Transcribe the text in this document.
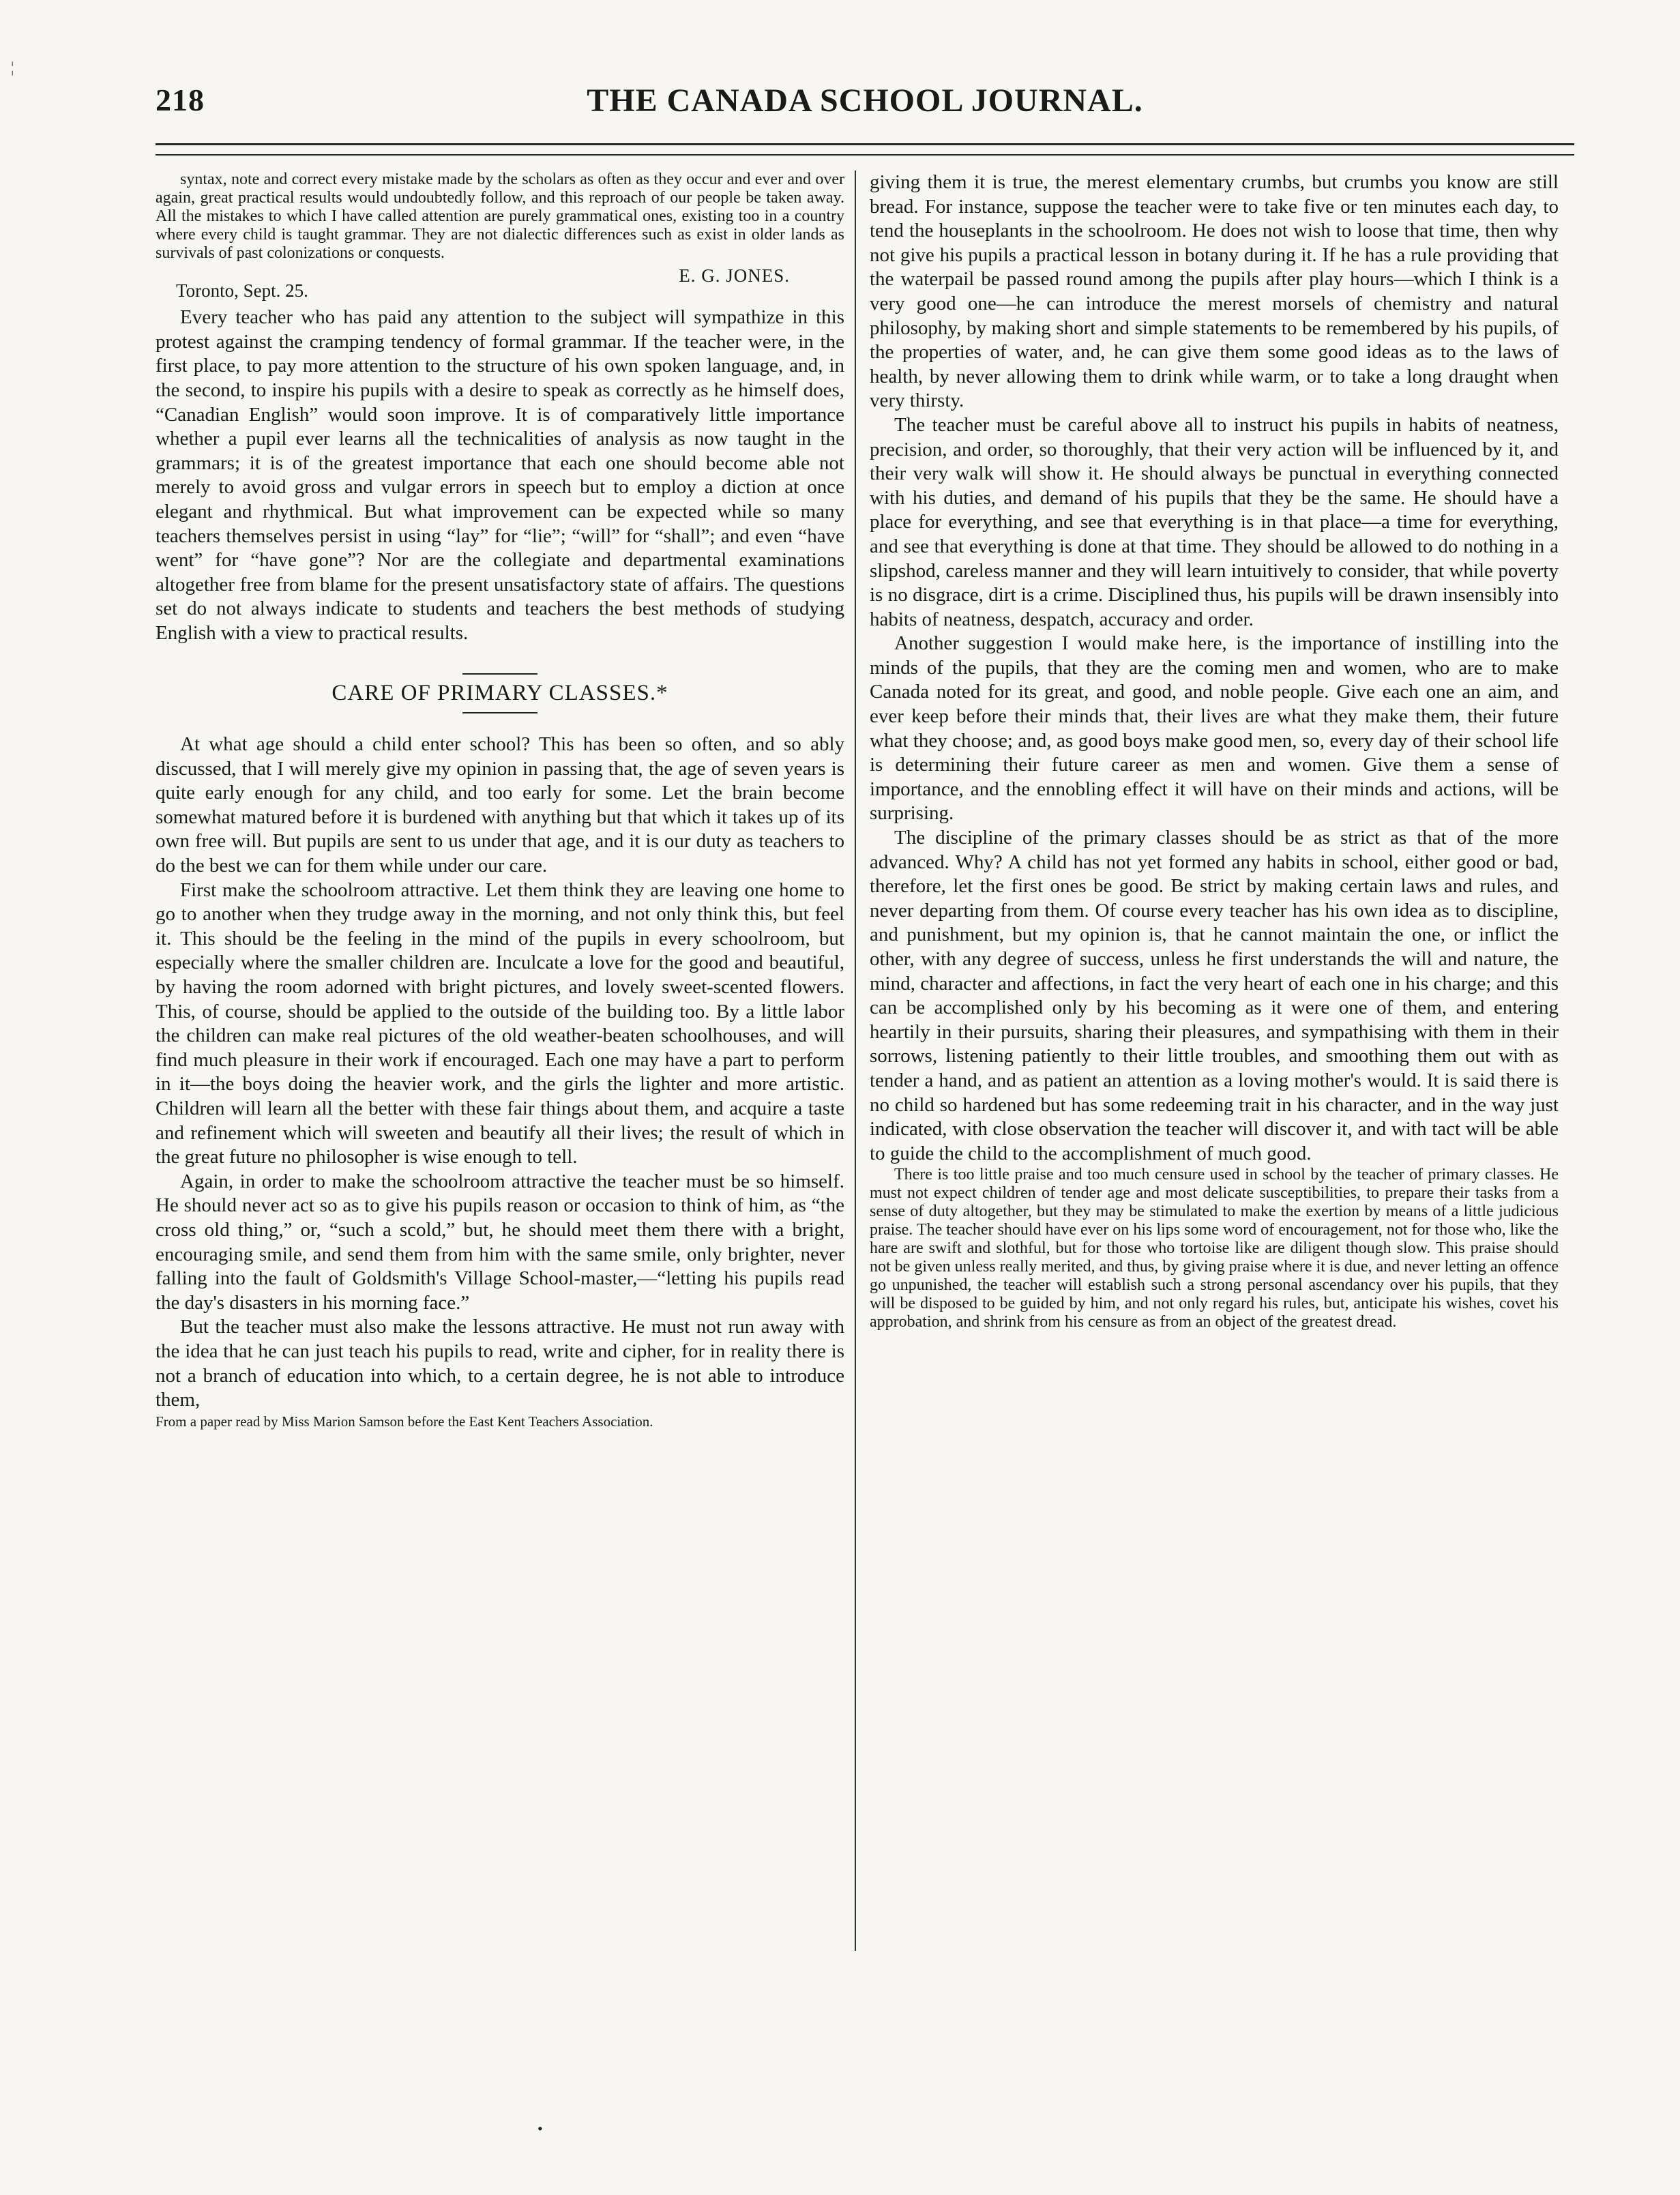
¦
THE CANADA SCHOOL JOURNAL.
218

syntax, note and correct every mistake made by the scholars as often as they occur and ever and over again, great practical results would undoubtedly follow, and this reproach of our people be taken away. All the mistakes to which I have called attention are purely grammatical ones, existing too in a country where every child is taught grammar. They are not dialectic differences such as exist in older lands as survivals of past colonizations or conquests.

E. G. JONES.
Toronto, Sept. 25.

Every teacher who has paid any attention to the subject will sympathize in this protest against the cramping tendency of formal grammar. If the teacher were, in the first place, to pay more attention to the structure of his own spoken language, and, in the second, to inspire his pupils with a desire to speak as correctly as he himself does, “Canadian English” would soon improve. It is of comparatively little importance whether a pupil ever learns all the technicalities of analysis as now taught in the grammars; it is of the greatest importance that each one should become able not merely to avoid gross and vulgar errors in speech but to employ a diction at once elegant and rhythmical. But what improvement can be expected while so many teachers themselves persist in using “lay” for “lie”; “will” for “shall”; and even “have went” for “have gone”? Nor are the collegiate and departmental examinations altogether free from blame for the present unsatisfactory state of affairs. The questions set do not always indicate to students and teachers the best methods of studying English with a view to practical results.

CARE OF PRIMARY CLASSES.*

At what age should a child enter school? This has been so often, and so ably discussed, that I will merely give my opinion in passing that, the age of seven years is quite early enough for any child, and too early for some. Let the brain become somewhat matured before it is burdened with anything but that which it takes up of its own free will. But pupils are sent to us under that age, and it is our duty as teachers to do the best we can for them while under our care.

First make the schoolroom attractive. Let them think they are leaving one home to go to another when they trudge away in the morning, and not only think this, but feel it. This should be the feeling in the mind of the pupils in every schoolroom, but especially where the smaller children are. Inculcate a love for the good and beautiful, by having the room adorned with bright pictures, and lovely sweet-scented flowers. This, of course, should be applied to the outside of the building too. By a little labor the children can make real pictures of the old weather-beaten schoolhouses, and will find much pleasure in their work if encouraged. Each one may have a part to perform in it—the boys doing the heavier work, and the girls the lighter and more artistic. Children will learn all the better with these fair things about them, and acquire a taste and refinement which will sweeten and beautify all their lives; the result of which in the great future no philosopher is wise enough to tell.

Again, in order to make the schoolroom attractive the teacher must be so himself. He should never act so as to give his pupils reason or occasion to think of him, as “the cross old thing,” or, “such a scold,” but, he should meet them there with a bright, encouraging smile, and send them from him with the same smile, only brighter, never falling into the fault of Goldsmith's Village School-master,—“letting his pupils read the day's disasters in his morning face.”

But the teacher must also make the lessons attractive. He must not run away with the idea that he can just teach his pupils to read, write and cipher, for in reality there is not a branch of education into which, to a certain degree, he is not able to introduce them,

From a paper read by Miss Marion Samson before the East Kent Teachers Association.

giving them it is true, the merest elementary crumbs, but crumbs you know are still bread. For instance, suppose the teacher were to take five or ten minutes each day, to tend the houseplants in the schoolroom. He does not wish to loose that time, then why not give his pupils a practical lesson in botany during it. If he has a rule providing that the waterpail be passed round among the pupils after play hours—which I think is a very good one—he can introduce the merest morsels of chemistry and natural philosophy, by making short and simple statements to be remembered by his pupils, of the properties of water, and, he can give them some good ideas as to the laws of health, by never allowing them to drink while warm, or to take a long draught when very thirsty.

The teacher must be careful above all to instruct his pupils in habits of neatness, precision, and order, so thoroughly, that their very action will be influenced by it, and their very walk will show it. He should always be punctual in everything connected with his duties, and demand of his pupils that they be the same. He should have a place for everything, and see that everything is in that place—a time for everything, and see that everything is done at that time. They should be allowed to do nothing in a slipshod, careless manner and they will learn intuitively to consider, that while poverty is no disgrace, dirt is a crime. Disciplined thus, his pupils will be drawn insensibly into habits of neatness, despatch, accuracy and order.

Another suggestion I would make here, is the importance of instilling into the minds of the pupils, that they are the coming men and women, who are to make Canada noted for its great, and good, and noble people. Give each one an aim, and ever keep before their minds that, their lives are what they make them, their future what they choose; and, as good boys make good men, so, every day of their school life is determining their future career as men and women. Give them a sense of importance, and the ennobling effect it will have on their minds and actions, will be surprising.

The discipline of the primary classes should be as strict as that of the more advanced. Why? A child has not yet formed any habits in school, either good or bad, therefore, let the first ones be good. Be strict by making certain laws and rules, and never departing from them. Of course every teacher has his own idea as to discipline, and punishment, but my opinion is, that he cannot maintain the one, or inflict the other, with any degree of success, unless he first understands the will and nature, the mind, character and affections, in fact the very heart of each one in his charge; and this can be accomplished only by his becoming as it were one of them, and entering heartily in their pursuits, sharing their pleasures, and sympathising with them in their sorrows, listening patiently to their little troubles, and smoothing them out with as tender a hand, and as patient an attention as a loving mother's would. It is said there is no child so hardened but has some redeeming trait in his character, and in the way just indicated, with close observation the teacher will discover it, and with tact will be able to guide the child to the accomplishment of much good.

There is too little praise and too much censure used in school by the teacher of primary classes. He must not expect children of tender age and most delicate susceptibilities, to prepare their tasks from a sense of duty altogether, but they may be stimulated to make the exertion by means of a little judicious praise. The teacher should have ever on his lips some word of encouragement, not for those who, like the hare are swift and slothful, but for those who tortoise like are diligent though slow. This praise should not be given unless really merited, and thus, by giving praise where it is due, and never letting an offence go unpunished, the teacher will establish such a strong personal ascendancy over his pupils, that they will be disposed to be guided by him, and not only regard his rules, but, anticipate his wishes, covet his approbation, and shrink from his censure as from an object of the greatest dread.

•
